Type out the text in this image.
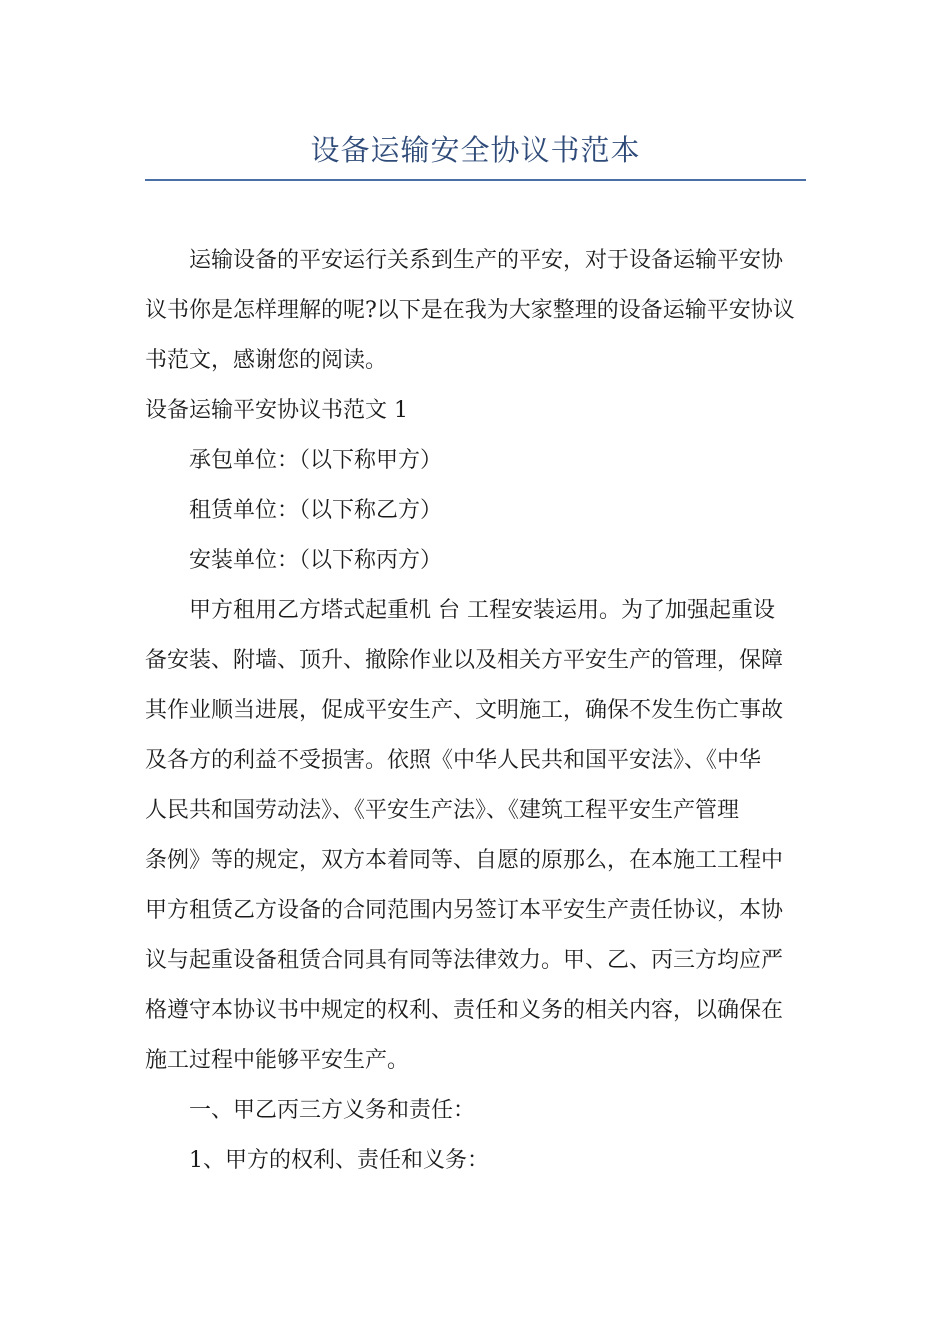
设备运输安全协议书范本

运输设备的平安运行关系到生产的平安，对于设备运输平安协
议书你是怎样理解的呢?以下是在我为大家整理的设备运输平安协议
书范文，感谢您的阅读。

设备运输平安协议书范文 1

承包单位：（以下称甲方）

租赁单位：（以下称乙方）

安装单位：（以下称丙方）

甲方租用乙方塔式起重机 台 工程安装运用。为了加强起重设
备安装、附墙、顶升、撤除作业以及相关方平安生产的管理，保障
其作业顺当进展，促成平安生产、文明施工，确保不发生伤亡事故
及各方的利益不受损害。依照《中华人民共和国平安法》、《中华
人民共和国劳动法》、《平安生产法》、《建筑工程平安生产管理
条例》等的规定，双方本着同等、自愿的原那么，在本施工工程中
甲方租赁乙方设备的合同范围内另签订本平安生产责任协议，本协
议与起重设备租赁合同具有同等法律效力。甲、乙、丙三方均应严
格遵守本协议书中规定的权利、责任和义务的相关内容，以确保在
施工过程中能够平安生产。

一、甲乙丙三方义务和责任：

1、甲方的权利、责任和义务：
